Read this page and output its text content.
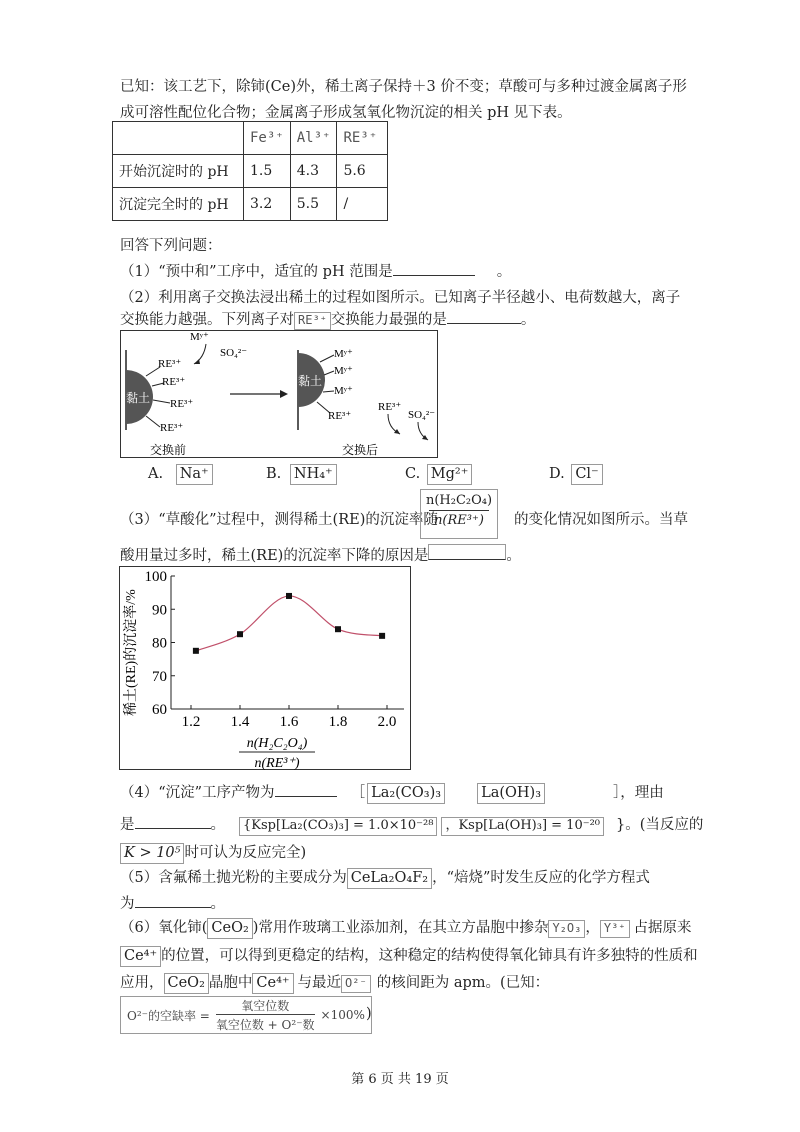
已知：该工艺下，除铈(Ce)外，稀土离子保持＋3 价不变；草酸可与多种过渡金属离子形
成可溶性配位化合物；金属离子形成氢氧化物沉淀的相关 pH 见下表。
	Fe³⁺	Al³⁺	RE³⁺
开始沉淀时的 pH	1.5	4.3	5.6
沉淀完全时的 pH	3.2	5.5	/
回答下列问题：
（1）“预中和”工序中，适宜的 pH 范围是	。
（2）利用离子交换法浸出稀土的过程如图所示。已知离子半径越小、电荷数越大，离子
交换能力越强。下列离子对 RE³⁺ 交换能力最强的是	。
黏土
RE³⁺
RE³⁺
RE³⁺
RE³⁺
Mʸ⁺
SO₄²⁻
交换前
黏土
Mʸ⁺
Mʸ⁺
Mʸ⁺
RE³⁺
RE³⁺
SO₄²⁻
交换后
A. Na⁺	B. NH₄⁺	C. Mg²⁺	D. Cl⁻
（3）“草酸化”过程中，测得稀土(RE)的沉淀率随
$\frac{\text{n(H₂C₂O₄)}}{\text{n(RE³⁺)}}$ 的变化情况如图所示。当草
酸用量过多时，稀土(RE)的沉淀率下降的原因是	。
稀土(RE)的沉淀率/% 60
70
80
90
100
1.2 1.4 1.6 1.8 2.0
n(H₂C₂O₄)
n(RE³⁺)
（4）“沉淀”工序产物为	［ La₂(CO₃)₃	La(OH)₃	］，理由
是	。 {Ksp[La₂(CO₃)₃] = 1.0×10⁻²⁸ ，Ksp[La(OH)₃] = 10⁻²⁰ }。(当反应的
K > 10⁵ 时可认为反应完全)
（5）含氟稀土抛光粉的主要成分为 CeLa₂O₄F₂ ，“焙烧”时发生反应的化学方程式
为	。
（6）氧化铈( CeO₂ )常用作玻璃工业添加剂，在其立方晶胞中掺杂 Y₂O₃ ， Y³⁺ 占据原来
Ce⁴⁺ 的位置，可以得到更稳定的结构，这种稳定的结构使得氧化铈具有许多独特的性质和
应用， CeO₂ 晶胞中 Ce⁴⁺ 与最近 O²⁻ 的核间距为 apm。(已知：
O²⁻的空缺率 =
氧空位数
氧空位数 + O²⁻数
×100% )
第 6 页 共 19 页
